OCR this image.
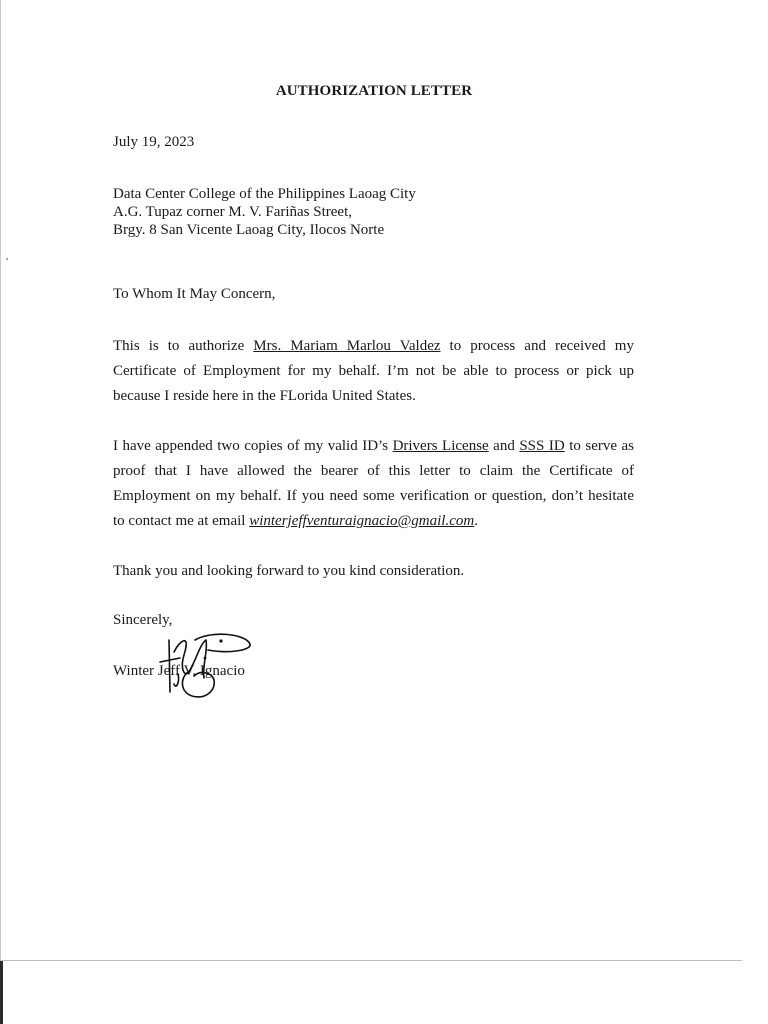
AUTHORIZATION LETTER
July 19, 2023
Data Center College of the Philippines Laoag City
A.G. Tupaz corner M. V. Fariñas Street,
Brgy. 8 San Vicente Laoag City, Ilocos Norte
To Whom It May Concern,
This is to authorize Mrs. Mariam Marlou Valdez to process and received my
Certificate of Employment for my behalf. I’m not be able to process or pick up
because I reside here in the FLorida United States.
I have appended two copies of my valid ID’s Drivers License and SSS ID to serve as
proof that I have allowed the bearer of this letter to claim the Certificate of
Employment on my behalf. If you need some verification or question, don’t hesitate
to contact me at email winterjeffventuraignacio@gmail.com.
Thank you and looking forward to you kind consideration.
Sincerely,
Winter Jeff V. Ignacio
